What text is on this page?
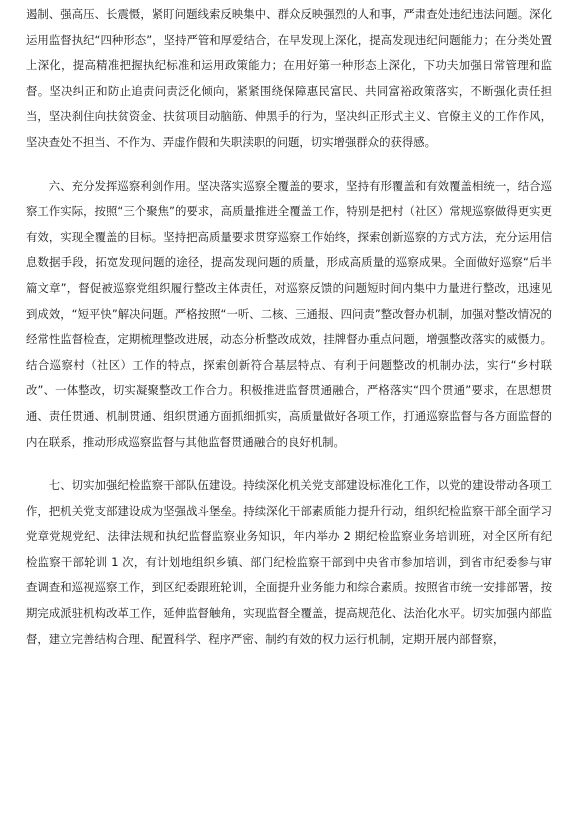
遏制、强高压、长震慑，紧盯问题线索反映集中、群众反映强烈的人和事，严肃查处违纪违法问题。深化运用监督执纪“四种形态”，坚持严管和厚爱结合，在早发现上深化，提高发现违纪问题能力；在分类处置上深化，提高精准把握执纪标准和运用政策能力；在用好第一种形态上深化，下功夫加强日常管理和监督。坚决纠正和防止追责问责泛化倾向，紧紧围绕保障惠民富民、共同富裕政策落实，不断强化责任担当，坚决刹住向扶贫资金、扶贫项目动脑筋、伸黑手的行为，坚决纠正形式主义、官僚主义的工作作风，坚决查处不担当、不作为、弄虚作假和失职渎职的问题，切实增强群众的获得感。

六、充分发挥巡察利剑作用。坚决落实巡察全覆盖的要求，坚持有形覆盖和有效覆盖相统一，结合巡察工作实际，按照“三个聚焦”的要求，高质量推进全覆盖工作，特别是把村（社区）常规巡察做得更实更有效，实现全覆盖的目标。坚持把高质量要求贯穿巡察工作始终，探索创新巡察的方式方法，充分运用信息数据手段，拓宽发现问题的途径，提高发现问题的质量，形成高质量的巡察成果。全面做好巡察“后半篇文章”，督促被巡察党组织履行整改主体责任，对巡察反馈的问题短时间内集中力量进行整改，迅速见到成效，“短平快”解决问题。严格按照“一听、二核、三通报、四问责”整改督办机制，加强对整改情况的经常性监督检查，定期梳理整改进展，动态分析整改成效，挂牌督办重点问题，增强整改落实的威慑力。结合巡察村（社区）工作的特点，探索创新符合基层特点、有利于问题整改的机制办法，实行“乡村联改”、一体整改，切实凝聚整改工作合力。积极推进监督贯通融合，严格落实“四个贯通”要求，在思想贯通、责任贯通、机制贯通、组织贯通方面抓细抓实，高质量做好各项工作，打通巡察监督与各方面监督的内在联系，推动形成巡察监督与其他监督贯通融合的良好机制。

七、切实加强纪检监察干部队伍建设。持续深化机关党支部建设标准化工作，以党的建设带动各项工作，把机关党支部建设成为坚强战斗堡垒。持续深化干部素质能力提升行动，组织纪检监察干部全面学习党章党规党纪、法律法规和执纪监督监察业务知识，年内举办 2 期纪检监察业务培训班，对全区所有纪检监察干部轮训 1 次，有计划地组织乡镇、部门纪检监察干部到中央省市参加培训，到省市纪委参与审查调查和巡视巡察工作，到区纪委跟班轮训，全面提升业务能力和综合素质。按照省市统一安排部署，按期完成派驻机构改革工作，延伸监督触角，实现监督全覆盖，提高规范化、法治化水平。切实加强内部监督，建立完善结构合理、配置科学、程序严密、制约有效的权力运行机制，定期开展内部督察，
